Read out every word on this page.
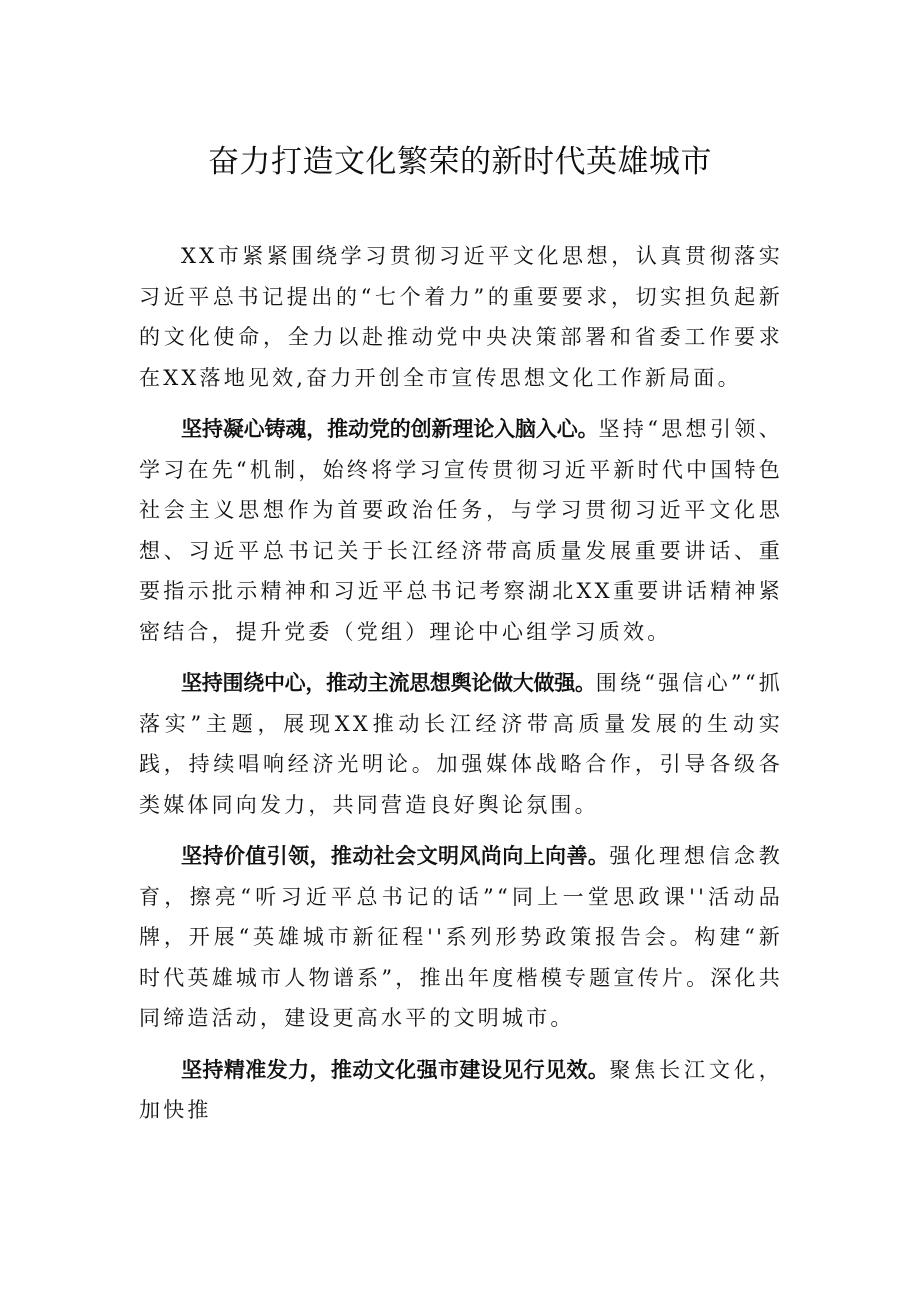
奋力打造文化繁荣的新时代英雄城市

XX市紧紧围绕学习贯彻习近平文化思想，认真贯彻落实习近平总书记提出的“七个着力”的重要要求，切实担负起新的文化使命，全力以赴推动党中央决策部署和省委工作要求在XX落地见效,奋力开创全市宣传思想文化工作新局面。

坚持凝心铸魂，推动党的创新理论入脑入心。坚持“思想引领、学习在先“机制，始终将学习宣传贯彻习近平新时代中国特色社会主义思想作为首要政治任务，与学习贯彻习近平文化思想、习近平总书记关于长江经济带高质量发展重要讲话、重要指示批示精神和习近平总书记考察湖北XX重要讲话精神紧密结合，提升党委（党组）理论中心组学习质效。

坚持围绕中心，推动主流思想舆论做大做强。围绕“强信心”“抓落实”主题，展现XX推动长江经济带高质量发展的生动实践，持续唱响经济光明论。加强媒体战略合作，引导各级各类媒体同向发力，共同营造良好舆论氛围。

坚持价值引领，推动社会文明风尚向上向善。强化理想信念教育，擦亮“听习近平总书记的话”“同上一堂思政课''活动品牌，开展“英雄城市新征程''系列形势政策报告会。构建“新时代英雄城市人物谱系”，推出年度楷模专题宣传片。深化共同缔造活动，建设更高水平的文明城市。

坚持精准发力，推动文化强市建设见行见效。聚焦长江文化，加快推
